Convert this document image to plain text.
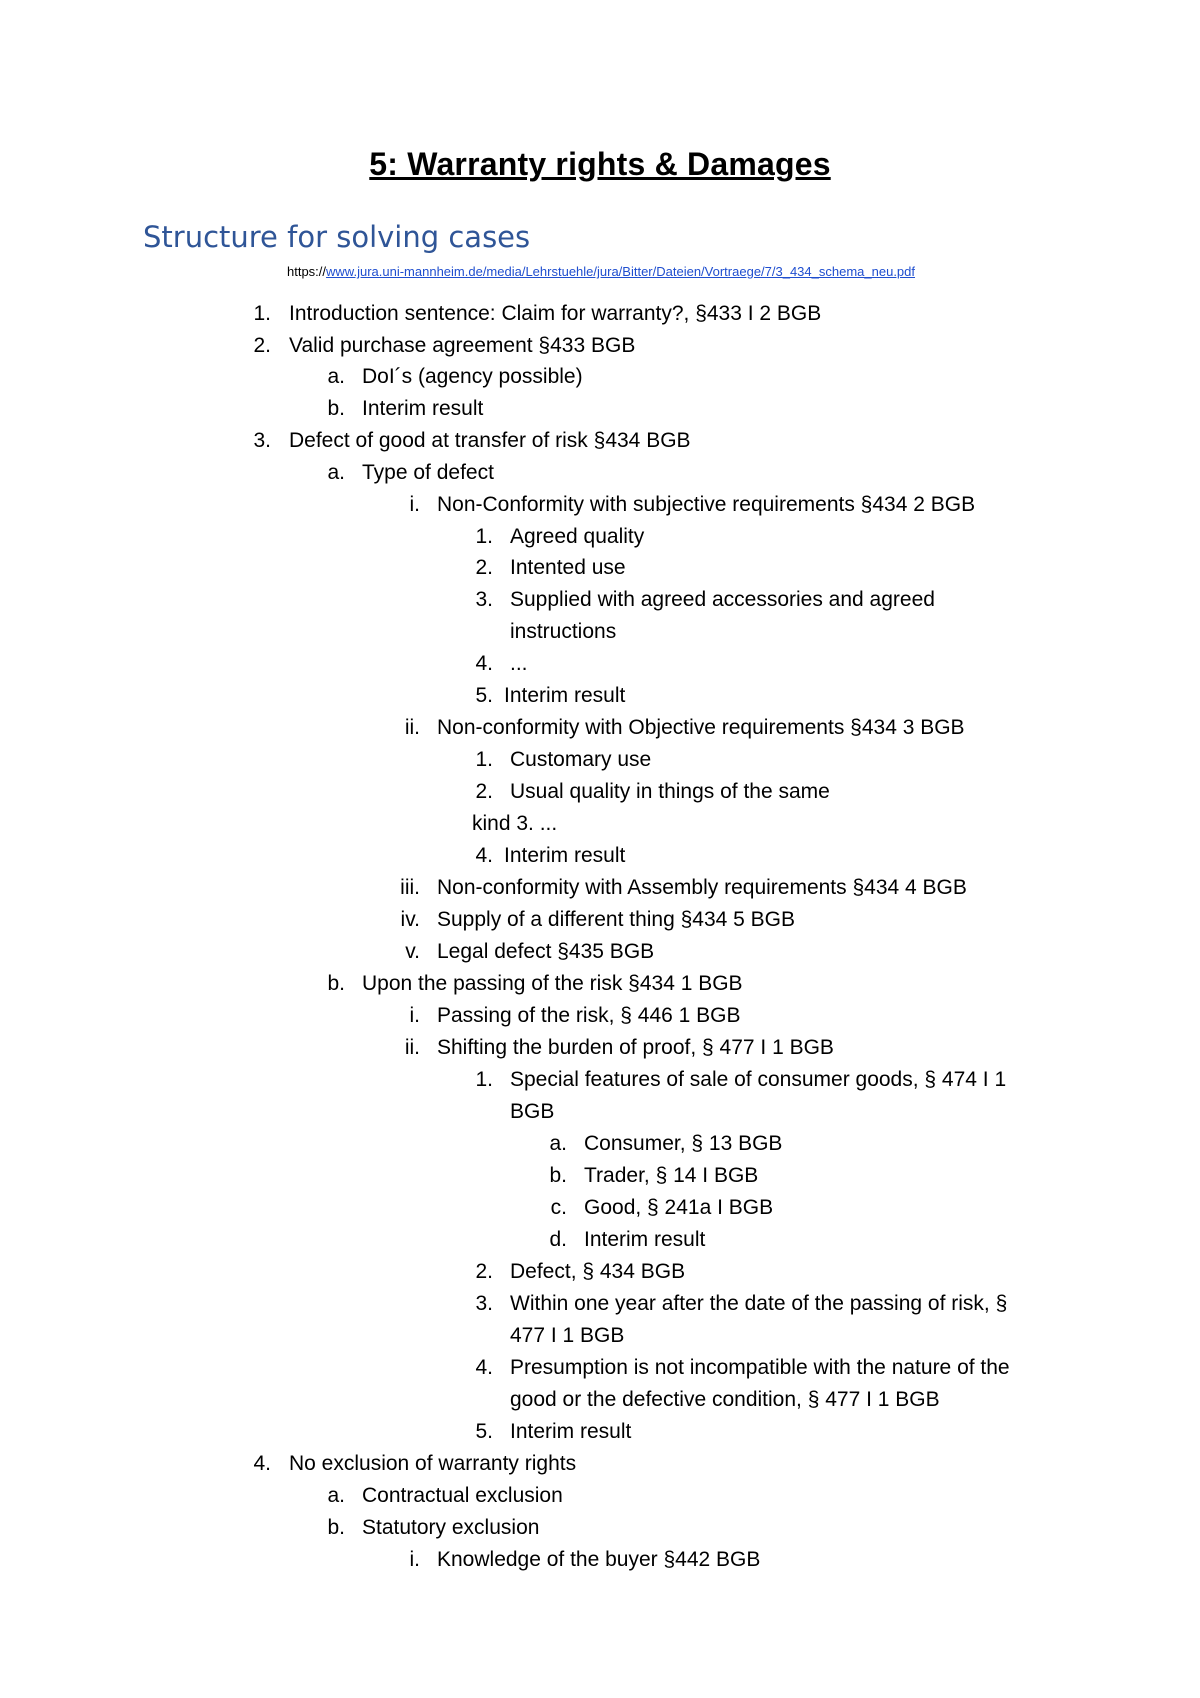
5: Warranty rights & Damages
Structure for solving cases
https://www.jura.uni-mannheim.de/media/Lehrstuehle/jura/Bitter/Dateien/Vortraege/7/3_434_schema_neu.pdf
1. Introduction sentence: Claim for warranty?, §433 I 2 BGB
2. Valid purchase agreement §433 BGB
a. DoI´s (agency possible)
b. Interim result
3. Defect of good at transfer of risk §434 BGB
a. Type of defect
i. Non-Conformity with subjective requirements §434 2 BGB
1. Agreed quality
2. Intented use
3. Supplied with agreed accessories and agreed
instructions
4. ...
5. Interim result
ii. Non-conformity with Objective requirements §434 3 BGB
1. Customary use
2. Usual quality in things of the same
kind 3. ...
4. Interim result
iii. Non-conformity with Assembly requirements §434 4 BGB
iv. Supply of a different thing §434 5 BGB
v. Legal defect §435 BGB
b. Upon the passing of the risk §434 1 BGB
i. Passing of the risk, § 446 1 BGB
ii. Shifting the burden of proof, § 477 I 1 BGB
1. Special features of sale of consumer goods, § 474 I 1
BGB
a. Consumer, § 13 BGB
b. Trader, § 14 I BGB
c. Good, § 241a I BGB
d. Interim result
2. Defect, § 434 BGB
3. Within one year after the date of the passing of risk, §
477 I 1 BGB
4. Presumption is not incompatible with the nature of the
good or the defective condition, § 477 I 1 BGB
5. Interim result
4. No exclusion of warranty rights
a. Contractual exclusion
b. Statutory exclusion
i. Knowledge of the buyer §442 BGB
